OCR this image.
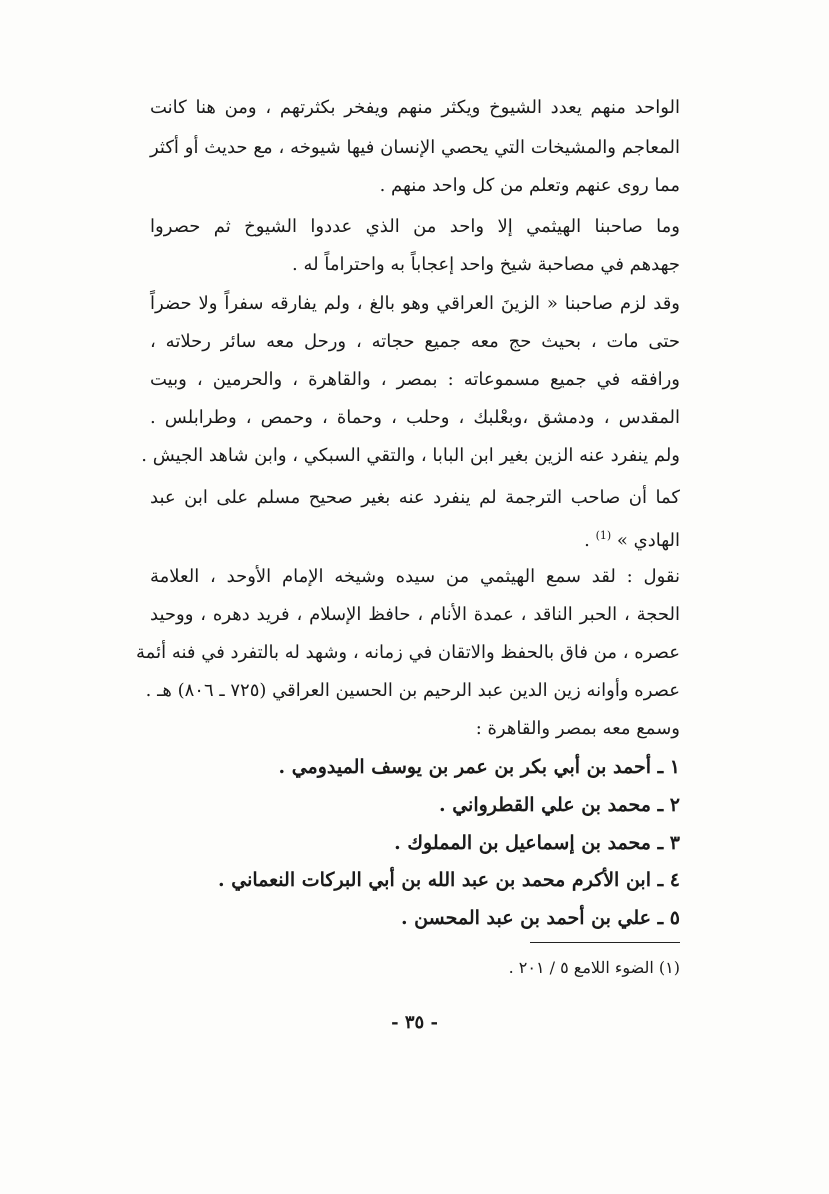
الواحد منهم يعدد الشيوخ ويكثر منهم ويفخر بكثرتهم ، ومن هنا كانت
المعاجم والمشيخات التي يحصي الإنسان فيها شيوخه ، مع حديث أو أكثر
مما روى عنهم وتعلم من كل واحد منهم .
وما صاحبنا الهيثمي إلا واحد من الذي عددوا الشيوخ ثم حصروا
جهدهم في مصاحبة شيخ واحد إعجاباً به واحتراماً له .
وقد لزم صاحبنا « الزينَ العراقي وهو بالغ ، ولم يفارقه سفراً ولا حضراً
حتى مات ، بحيث حج معه جميع حجاته ، ورحل معه سائر رحلاته ،
ورافقه في جميع مسموعاته : بمصر ، والقاهرة ، والحرمين ، وبيت
المقدس ، ودمشق ،وبعْلبك ، وحلب ، وحماة ، وحمص ، وطرابلس .
ولم ينفرد عنه الزين بغير ابن البابا ، والتقي السبكي ، وابن شاهد الجيش .
كما أن صاحب الترجمة لم ينفرد عنه بغير صحيح مسلم على ابن عبد
الهادي » $^{(1)}$ .
نقول : لقد سمع الهيثمي من سيده وشيخه الإمام الأوحد ، العلامة
الحجة ، الحبر الناقد ، عمدة الأنام ، حافظ الإسلام ، فريد دهره ، ووحيد
عصره ، من فاق بالحفظ والاتقان في زمانه ، وشهد له بالتفرد في فنه أئمة
عصره وأوانه زين الدين عبد الرحيم بن الحسين العراقي (٧٢٥ ـ ٨٠٦) هـ .
وسمع معه بمصر والقاهرة :
١ ـ أحمد بن أبي بكر بن عمر بن يوسف الميدومي .
٢ ـ محمد بن علي القطرواني .
٣ ـ محمد بن إسماعيل بن المملوك .
٤ ـ ابن الأكرم محمد بن عبد الله بن أبي البركات النعماني .
٥ ـ علي بن أحمد بن عبد المحسن .
(١) الضوء اللامع ٥ / ٢٠١ .
- ٣٥ -
